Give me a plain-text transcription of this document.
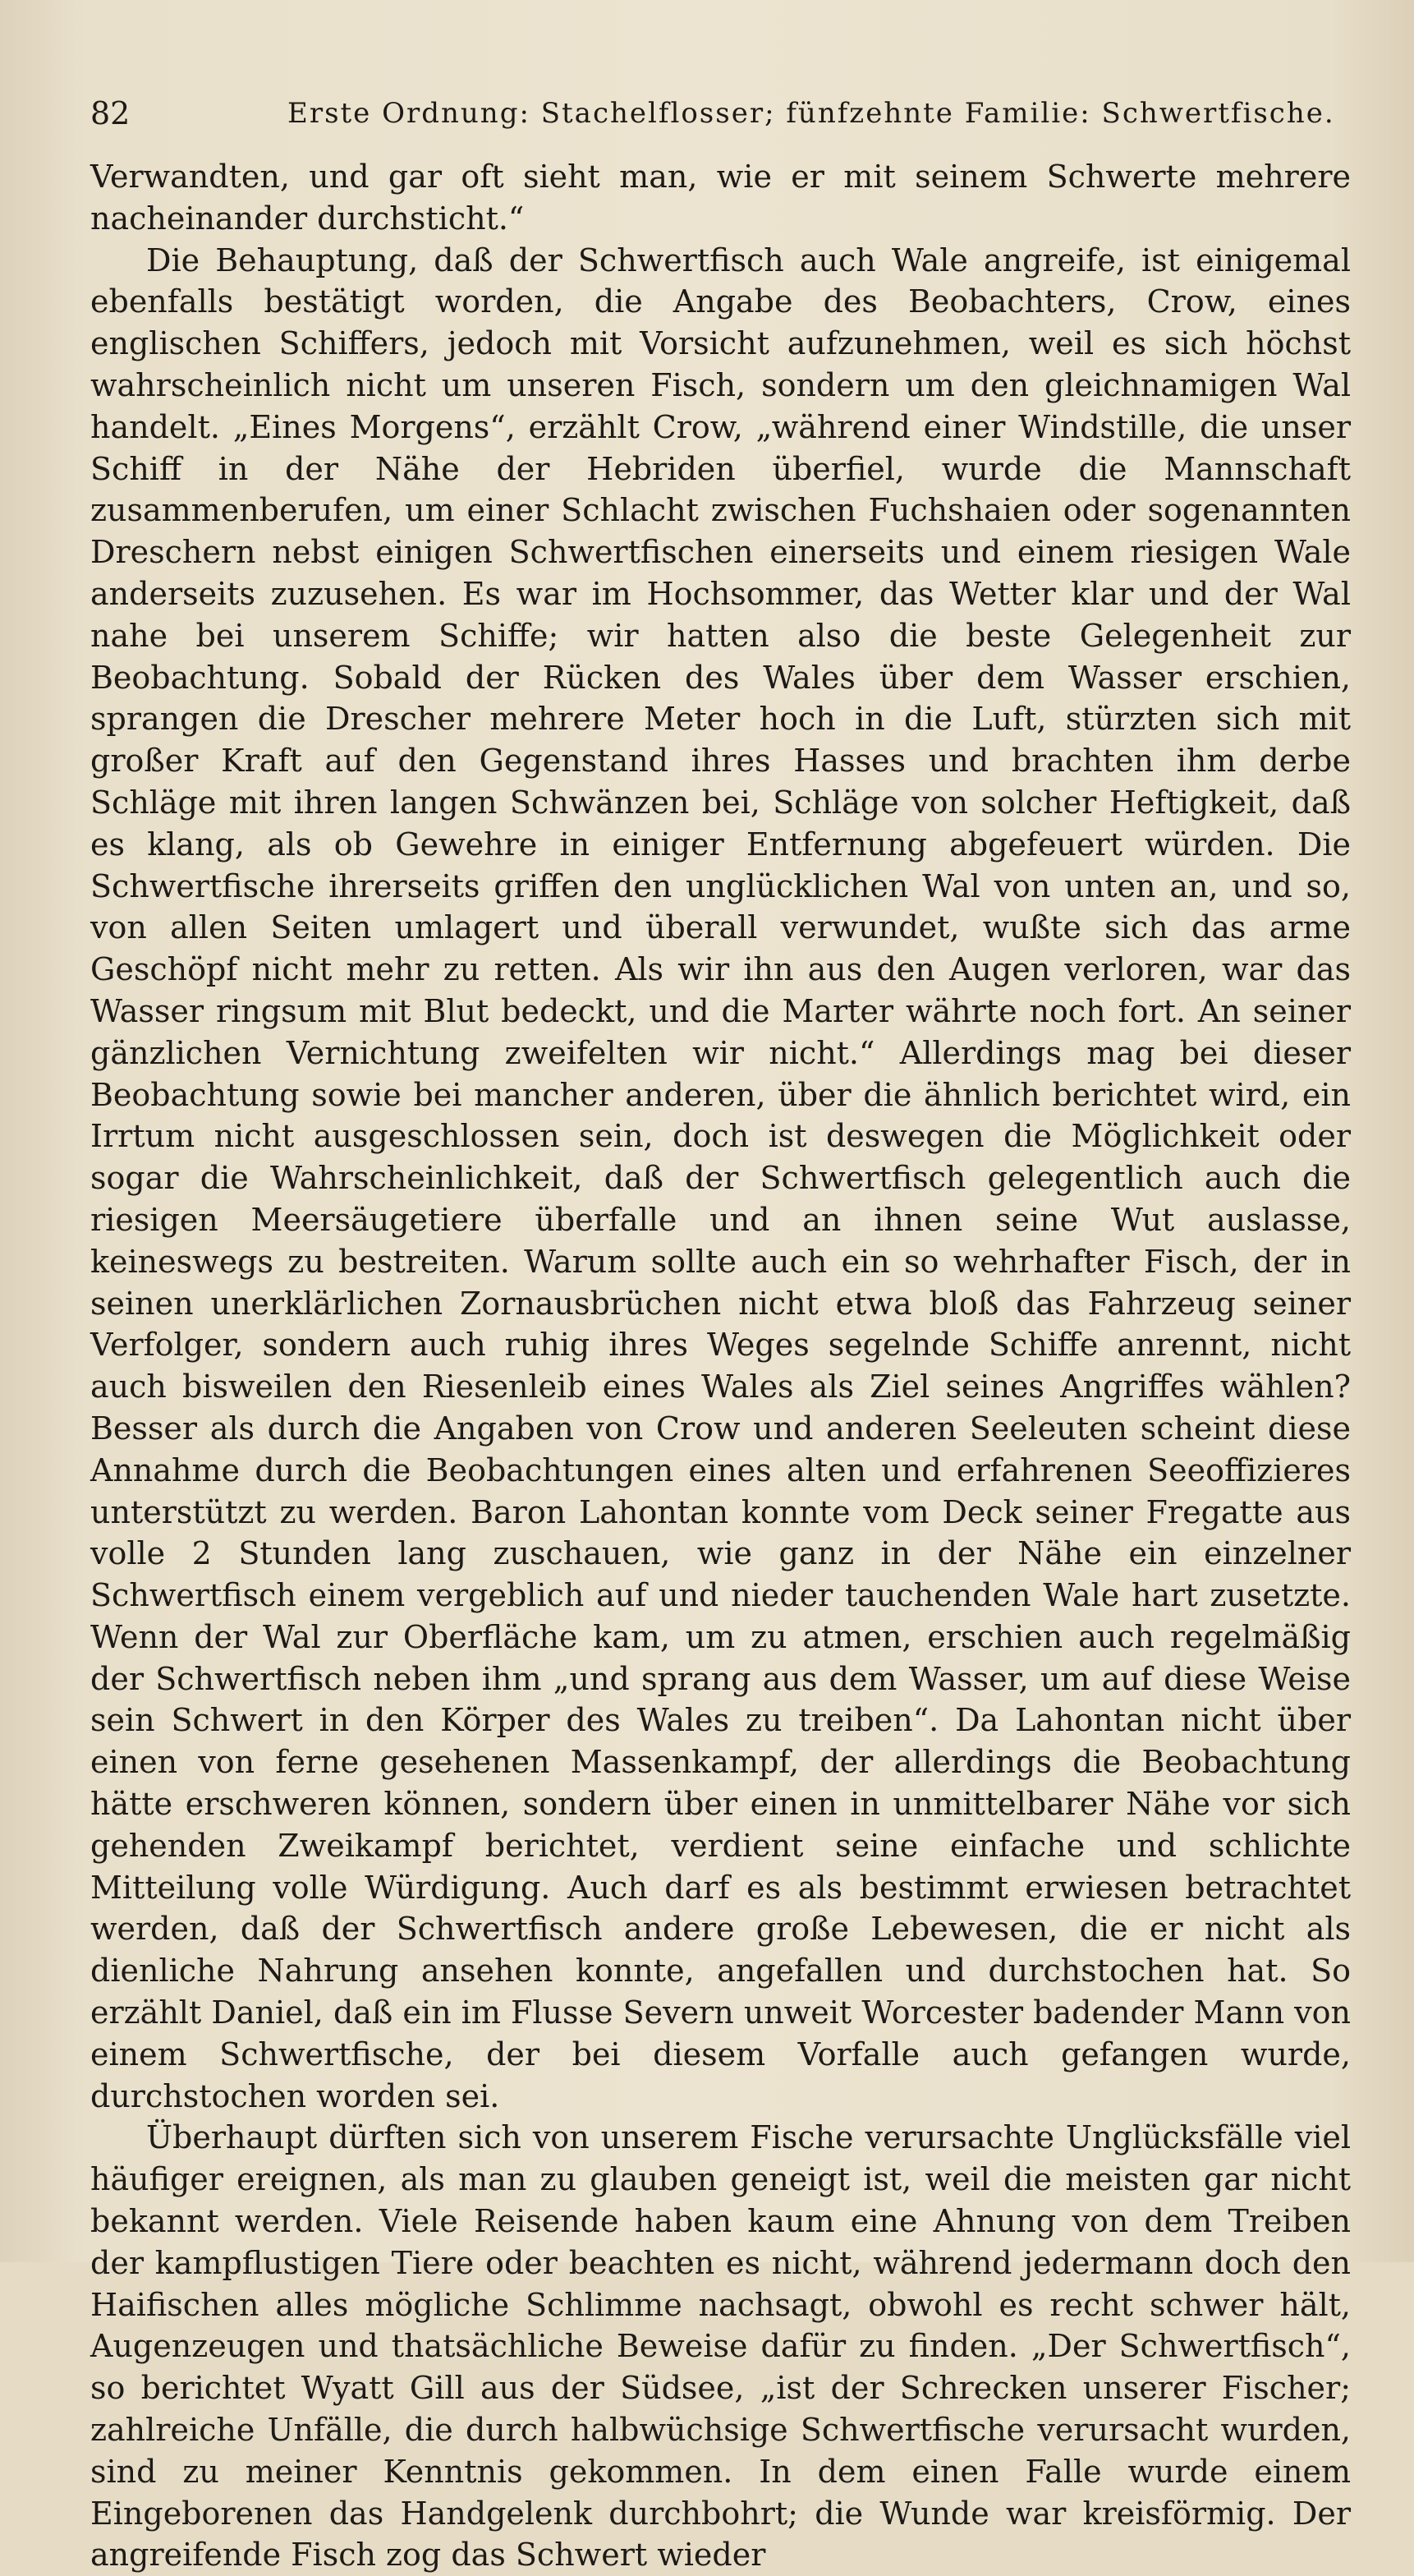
82	Erste Ordnung: Stachelflosser; fünfzehnte Familie: Schwertfische.

Verwandten, und gar oft sieht man, wie er mit seinem Schwerte mehrere nacheinander durchsticht.“

Die Behauptung, daß der Schwertfisch auch Wale angreife, ist einigemal ebenfalls bestätigt worden, die Angabe des Beobachters, Crow, eines englischen Schiffers, jedoch mit Vorsicht aufzunehmen, weil es sich höchst wahrscheinlich nicht um unseren Fisch, sondern um den gleichnamigen Wal handelt. „Eines Morgens“, erzählt Crow, „während einer Windstille, die unser Schiff in der Nähe der Hebriden überfiel, wurde die Mannschaft zusammenberufen, um einer Schlacht zwischen Fuchshaien oder sogenannten Dreschern nebst einigen Schwertfischen einerseits und einem riesigen Wale anderseits zuzusehen. Es war im Hochsommer, das Wetter klar und der Wal nahe bei unserem Schiffe; wir hatten also die beste Gelegenheit zur Beobachtung. Sobald der Rücken des Wales über dem Wasser erschien, sprangen die Drescher mehrere Meter hoch in die Luft, stürzten sich mit großer Kraft auf den Gegenstand ihres Hasses und brachten ihm derbe Schläge mit ihren langen Schwänzen bei, Schläge von solcher Heftigkeit, daß es klang, als ob Gewehre in einiger Entfernung abgefeuert würden. Die Schwertfische ihrerseits griffen den unglücklichen Wal von unten an, und so, von allen Seiten umlagert und überall verwundet, wußte sich das arme Geschöpf nicht mehr zu retten. Als wir ihn aus den Augen verloren, war das Wasser ringsum mit Blut bedeckt, und die Marter währte noch fort. An seiner gänzlichen Vernichtung zweifelten wir nicht.“ Allerdings mag bei dieser Beobachtung sowie bei mancher anderen, über die ähnlich berichtet wird, ein Irrtum nicht ausgeschlossen sein, doch ist deswegen die Möglichkeit oder sogar die Wahrscheinlichkeit, daß der Schwertfisch gelegentlich auch die riesigen Meersäugetiere überfalle und an ihnen seine Wut auslasse, keineswegs zu bestreiten. Warum sollte auch ein so wehrhafter Fisch, der in seinen unerklärlichen Zornausbrüchen nicht etwa bloß das Fahrzeug seiner Verfolger, sondern auch ruhig ihres Weges segelnde Schiffe anrennt, nicht auch bisweilen den Riesenleib eines Wales als Ziel seines Angriffes wählen? Besser als durch die Angaben von Crow und anderen Seeleuten scheint diese Annahme durch die Beobachtungen eines alten und erfahrenen Seeoffizieres unterstützt zu werden. Baron Lahontan konnte vom Deck seiner Fregatte aus volle 2 Stunden lang zuschauen, wie ganz in der Nähe ein einzelner Schwertfisch einem vergeblich auf und nieder tauchenden Wale hart zusetzte. Wenn der Wal zur Oberfläche kam, um zu atmen, erschien auch regelmäßig der Schwertfisch neben ihm „und sprang aus dem Wasser, um auf diese Weise sein Schwert in den Körper des Wales zu treiben“. Da Lahontan nicht über einen von ferne gesehenen Massenkampf, der allerdings die Beobachtung hätte erschweren können, sondern über einen in unmittelbarer Nähe vor sich gehenden Zweikampf berichtet, verdient seine einfache und schlichte Mitteilung volle Würdigung. Auch darf es als bestimmt erwiesen betrachtet werden, daß der Schwertfisch andere große Lebewesen, die er nicht als dienliche Nahrung ansehen konnte, angefallen und durchstochen hat. So erzählt Daniel, daß ein im Flusse Severn unweit Worcester badender Mann von einem Schwertfische, der bei diesem Vorfalle auch gefangen wurde, durchstochen worden sei.

Überhaupt dürften sich von unserem Fische verursachte Unglücksfälle viel häufiger ereignen, als man zu glauben geneigt ist, weil die meisten gar nicht bekannt werden. Viele Reisende haben kaum eine Ahnung von dem Treiben der kampflustigen Tiere oder beachten es nicht, während jedermann doch den Haifischen alles mögliche Schlimme nachsagt, obwohl es recht schwer hält, Augenzeugen und thatsächliche Beweise dafür zu finden. „Der Schwertfisch“, so berichtet Wyatt Gill aus der Südsee, „ist der Schrecken unserer Fischer; zahlreiche Unfälle, die durch halbwüchsige Schwertfische verursacht wurden, sind zu meiner Kenntnis gekommen. In dem einen Falle wurde einem Eingeborenen das Handgelenk durchbohrt; die Wunde war kreisförmig. Der angreifende Fisch zog das Schwert wieder
